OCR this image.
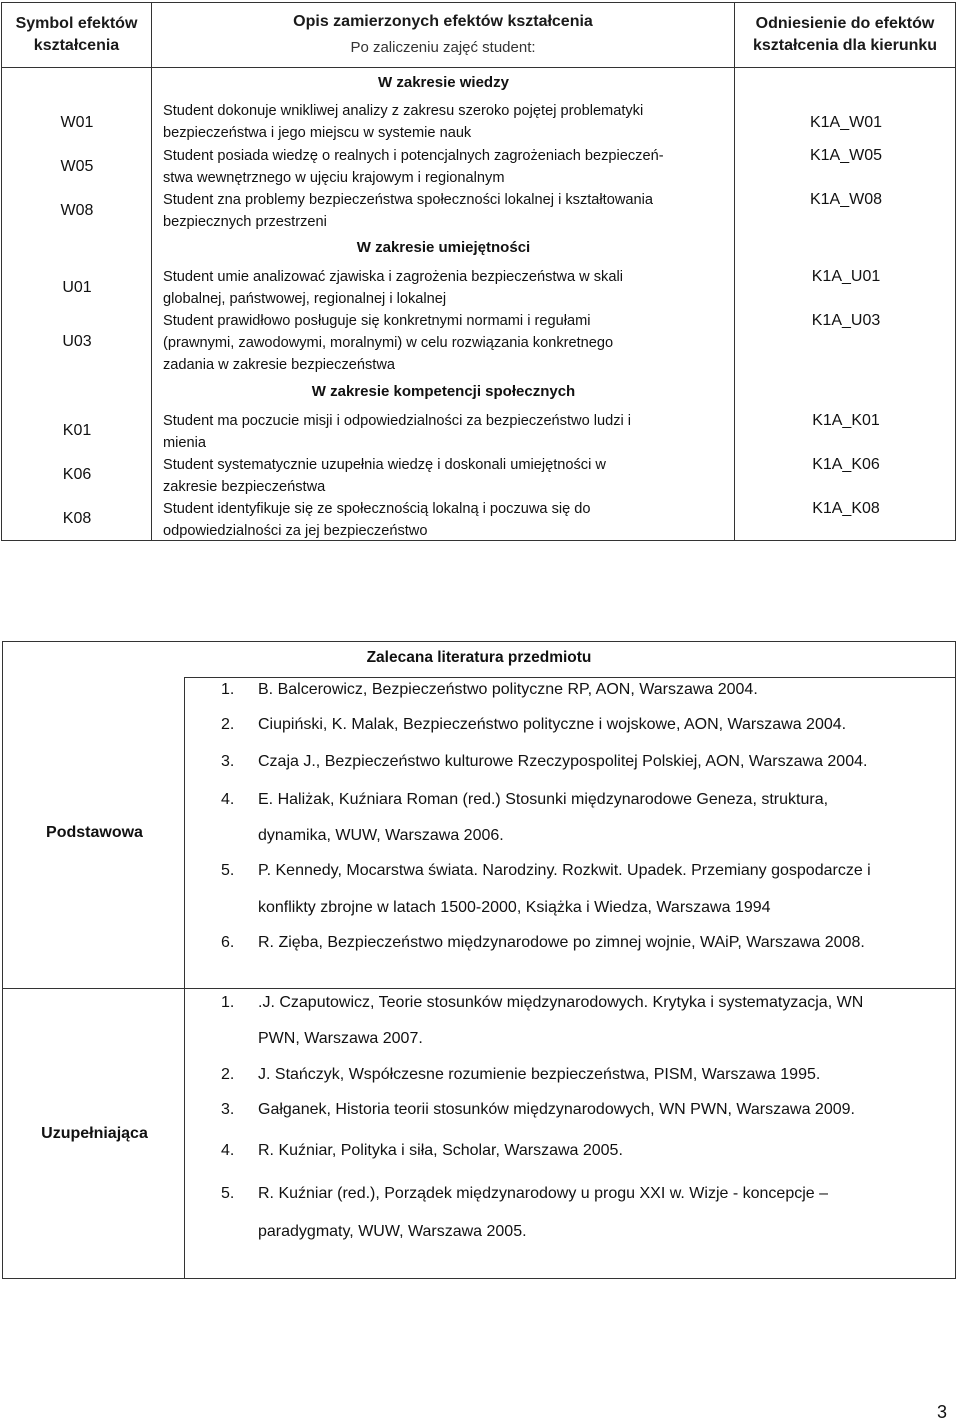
Symbol efektów kształcenia
Opis zamierzonych efektów kształcenia
Po zaliczeniu zajęć student:
Odniesienie do efektów kształcenia dla kierunku
W zakresie wiedzy
W01
Student dokonuje wnikliwej analizy z zakresu szeroko pojętej problematyki
bezpieczeństwa i jego miejscu w systemie nauk
K1A_W01
W05
Student posiada wiedzę o realnych i potencjalnych zagrożeniach bezpieczeń-
stwa wewnętrznego w ujęciu krajowym i regionalnym
K1A_W05
W08
Student zna problemy bezpieczeństwa społeczności lokalnej i kształtowania
bezpiecznych przestrzeni
K1A_W08
W zakresie umiejętności
U01
Student umie analizować zjawiska i zagrożenia bezpieczeństwa w skali
globalnej, państwowej, regionalnej i lokalnej
K1A_U01
U03
Student prawidłowo posługuje się konkretnymi normami i regułami
(prawnymi, zawodowymi, moralnymi) w celu rozwiązania konkretnego
zadania w zakresie bezpieczeństwa
K1A_U03
W zakresie kompetencji społecznych
K01
Student ma poczucie misji i odpowiedzialności za bezpieczeństwo ludzi i
mienia
K1A_K01
K06
Student systematycznie uzupełnia wiedzę i doskonali umiejętności w
zakresie bezpieczeństwa
K1A_K06
K08
Student identyfikuje się ze społecznością lokalną i poczuwa się do
odpowiedzialności za jej bezpieczeństwo
K1A_K08
Zalecana literatura przedmiotu
Podstawowa
1. B. Balcerowicz, Bezpieczeństwo polityczne RP, AON, Warszawa 2004.
2. Ciupiński, K. Malak, Bezpieczeństwo polityczne i wojskowe, AON, Warszawa 2004.
3. Czaja J., Bezpieczeństwo kulturowe Rzeczypospolitej Polskiej, AON, Warszawa 2004.
4. E. Haliżak, Kuźniara Roman (red.) Stosunki międzynarodowe Geneza, struktura,
dynamika, WUW, Warszawa 2006.
5. P. Kennedy, Mocarstwa świata. Narodziny. Rozkwit. Upadek. Przemiany gospodarcze i
konflikty zbrojne w latach 1500-2000, Książka i Wiedza, Warszawa 1994
6. R. Zięba, Bezpieczeństwo międzynarodowe po zimnej wojnie, WAiP, Warszawa 2008.
Uzupełniająca
1. .J. Czaputowicz, Teorie stosunków międzynarodowych. Krytyka i systematyzacja, WN
PWN, Warszawa 2007.
2. J. Stańczyk, Współczesne rozumienie bezpieczeństwa, PISM, Warszawa 1995.
3. Gałganek, Historia teorii stosunków międzynarodowych, WN PWN, Warszawa 2009.
4. R. Kuźniar, Polityka i siła, Scholar, Warszawa 2005.
5. R. Kuźniar (red.), Porządek międzynarodowy u progu XXI w. Wizje - koncepcje –
paradygmaty, WUW, Warszawa 2005.
3
